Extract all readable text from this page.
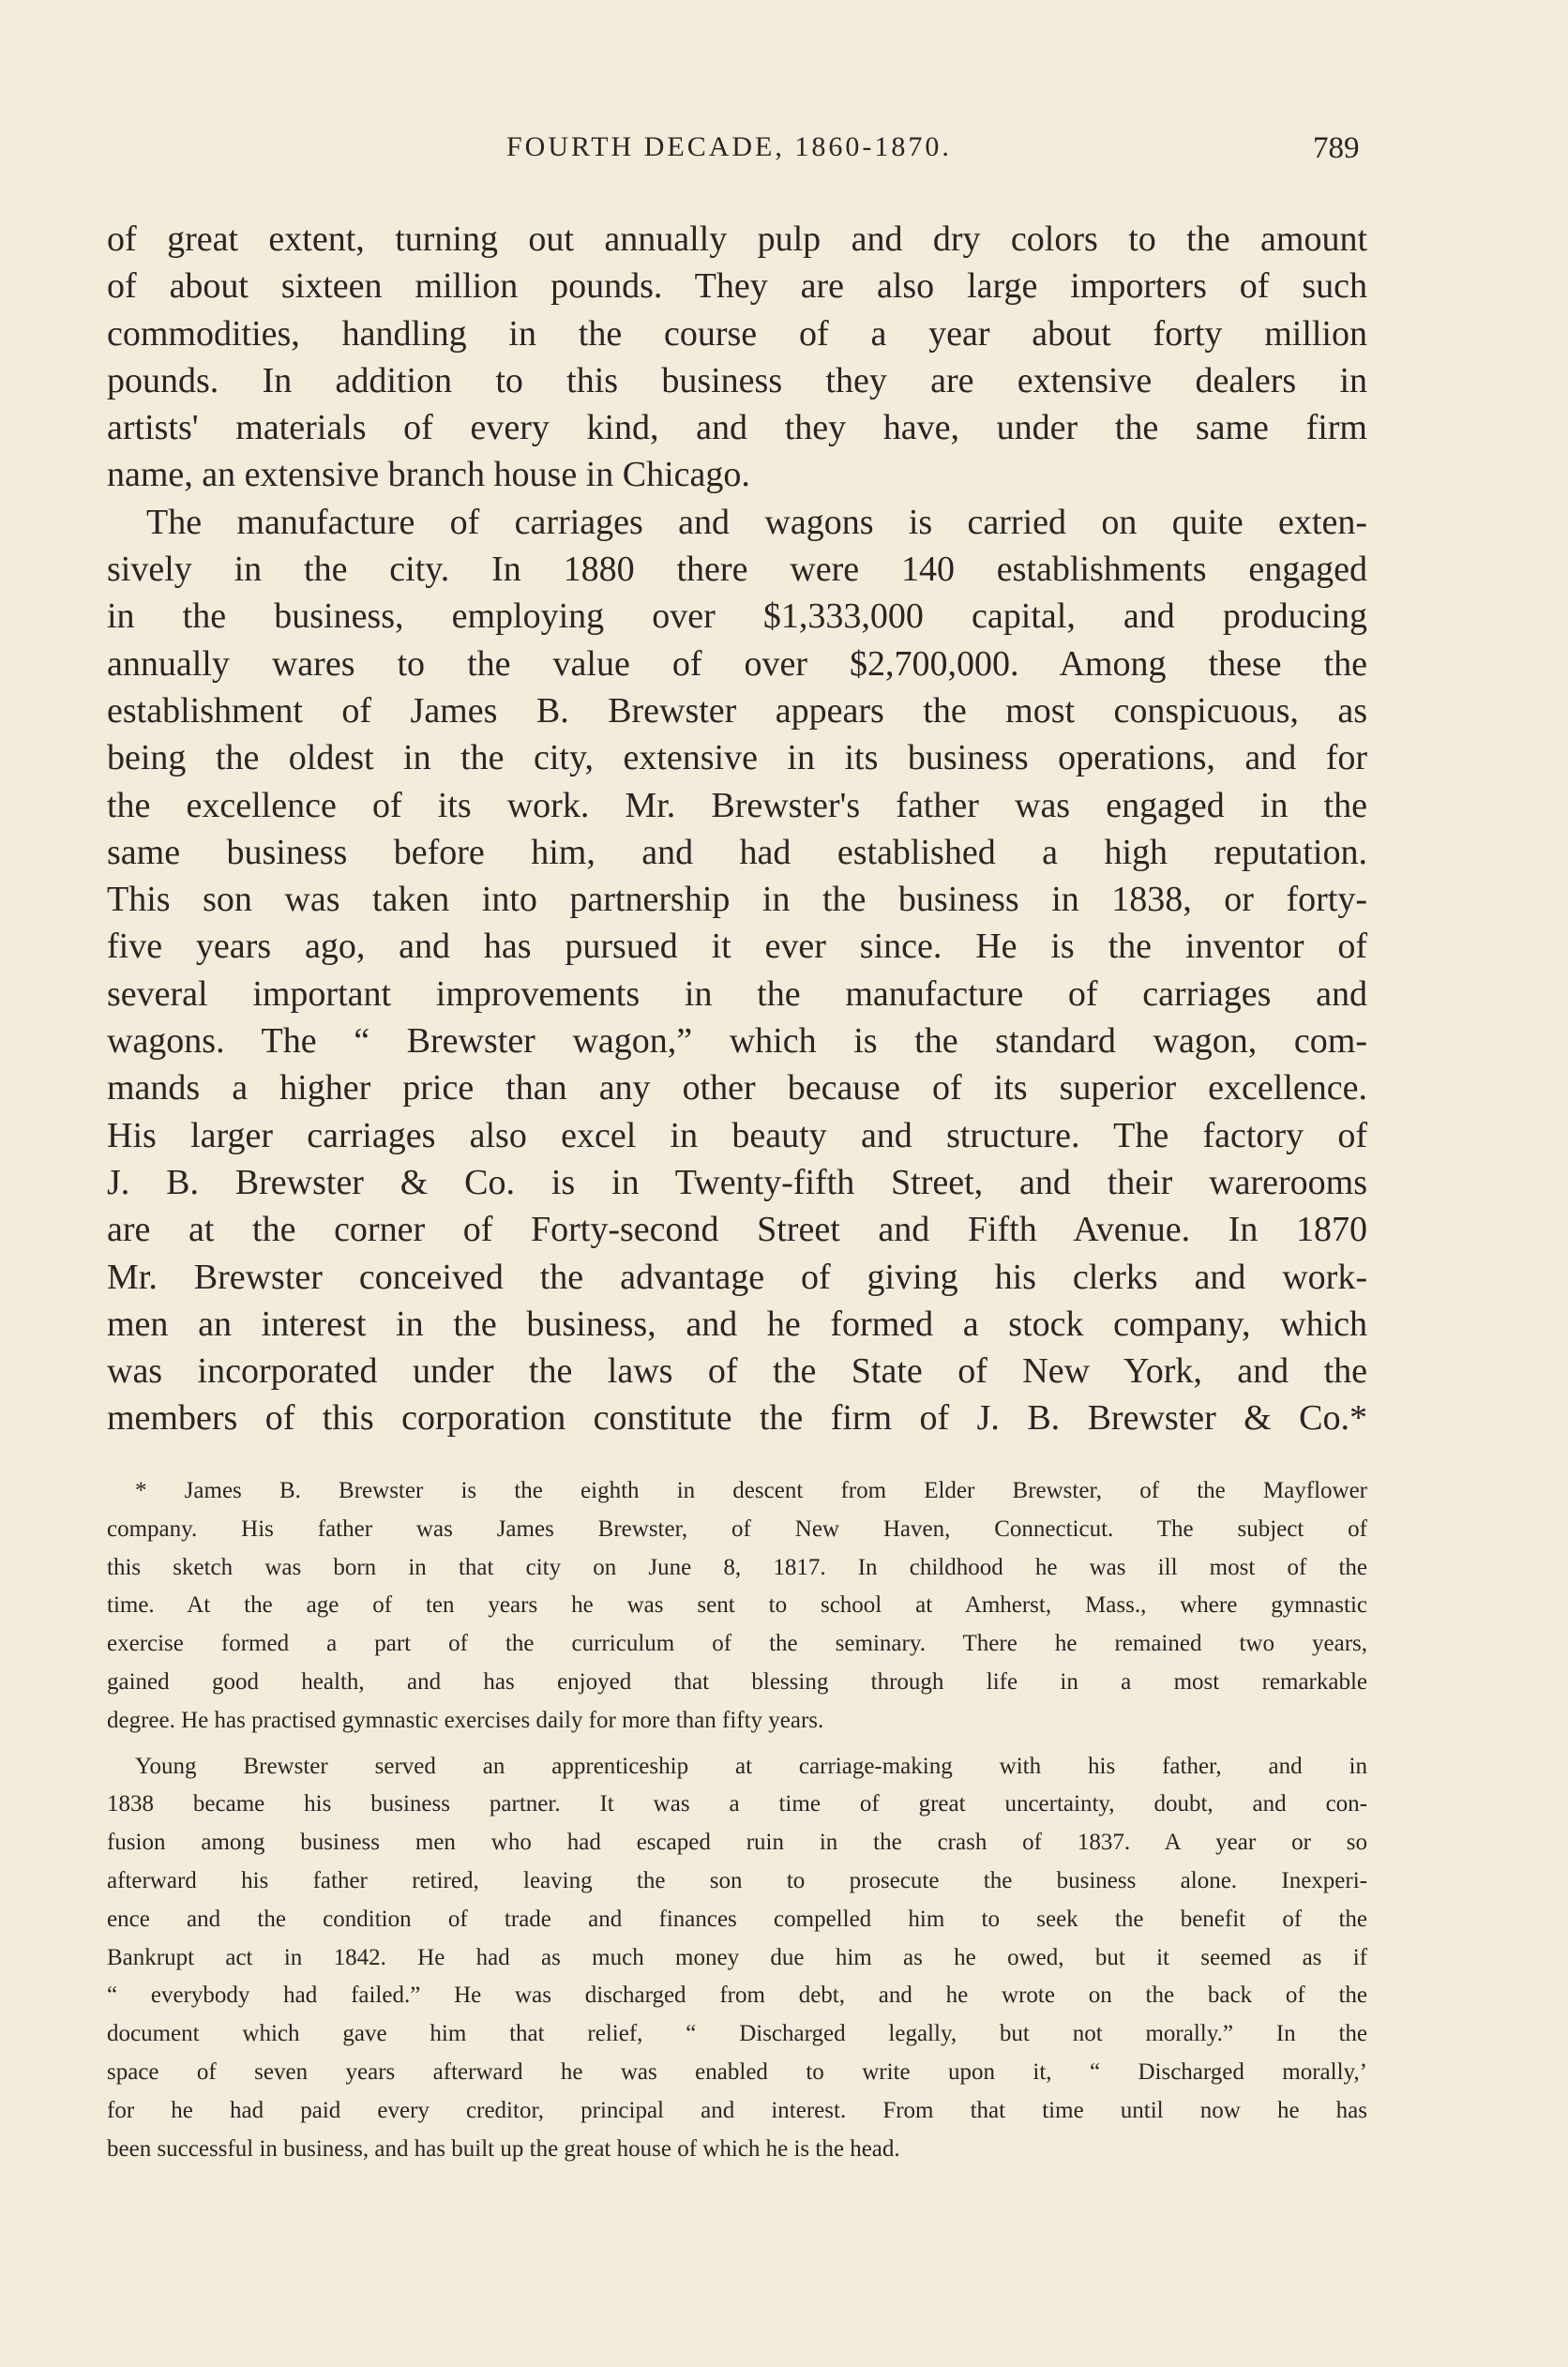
FOURTH DECADE, 1860-1870.	789
of great extent, turning out annually pulp and dry colors to the amount
of about sixteen million pounds. They are also large importers of such
commodities, handling in the course of a year about forty million
pounds. In addition to this business they are extensive dealers in
artists' materials of every kind, and they have, under the same firm
name, an extensive branch house in Chicago.
The manufacture of carriages and wagons is carried on quite exten-
sively in the city. In 1880 there were 140 establishments engaged
in the business, employing over $1,333,000 capital, and producing
annually wares to the value of over $2,700,000. Among these the
establishment of James B. Brewster appears the most conspicuous, as
being the oldest in the city, extensive in its business operations, and for
the excellence of its work. Mr. Brewster's father was engaged in the
same business before him, and had established a high reputation.
This son was taken into partnership in the business in 1838, or forty-
five years ago, and has pursued it ever since. He is the inventor of
several important improvements in the manufacture of carriages and
wagons. The “ Brewster wagon,” which is the standard wagon, com-
mands a higher price than any other because of its superior excellence.
His larger carriages also excel in beauty and structure. The factory of
J. B. Brewster & Co. is in Twenty-fifth Street, and their warerooms
are at the corner of Forty-second Street and Fifth Avenue. In 1870
Mr. Brewster conceived the advantage of giving his clerks and work-
men an interest in the business, and he formed a stock company, which
was incorporated under the laws of the State of New York, and the
members of this corporation constitute the firm of J. B. Brewster & Co.*
* James B. Brewster is the eighth in descent from Elder Brewster, of the Mayflower
company. His father was James Brewster, of New Haven, Connecticut. The subject of
this sketch was born in that city on June 8, 1817. In childhood he was ill most of the
time. At the age of ten years he was sent to school at Amherst, Mass., where gymnastic
exercise formed a part of the curriculum of the seminary. There he remained two years,
gained good health, and has enjoyed that blessing through life in a most remarkable
degree. He has practised gymnastic exercises daily for more than fifty years.
Young Brewster served an apprenticeship at carriage-making with his father, and in
1838 became his business partner. It was a time of great uncertainty, doubt, and con-
fusion among business men who had escaped ruin in the crash of 1837. A year or so
afterward his father retired, leaving the son to prosecute the business alone. Inexperi-
ence and the condition of trade and finances compelled him to seek the benefit of the
Bankrupt act in 1842. He had as much money due him as he owed, but it seemed as if
“ everybody had failed.” He was discharged from debt, and he wrote on the back of the
document which gave him that relief, “ Discharged legally, but not morally.” In the
space of seven years afterward he was enabled to write upon it, “ Discharged morally,’
for he had paid every creditor, principal and interest. From that time until now he has
been successful in business, and has built up the great house of which he is the head.
